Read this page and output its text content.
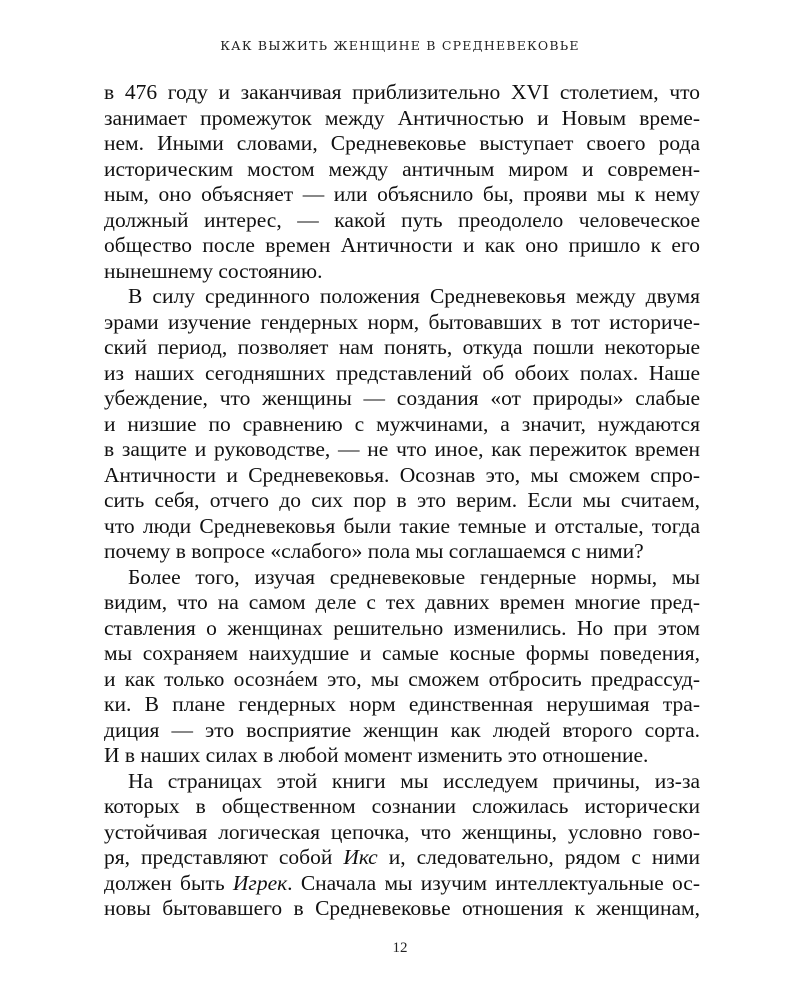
КАК ВЫЖИТЬ ЖЕНЩИНЕ В СРЕДНЕВЕКОВЬЕ
в 476 году и заканчивая приблизительно XVI столетием, что
занимает промежуток между Античностью и Новым време-
нем. Иными словами, Средневековье выступает своего рода
историческим мостом между античным миром и современ-
ным, оно объясняет — или объяснило бы, прояви мы к нему
должный интерес, — какой путь преодолело человеческое
общество после времен Античности и как оно пришло к его
нынешнему состоянию.
В силу срединного положения Средневековья между двумя
эрами изучение гендерных норм, бытовавших в тот историче-
ский период, позволяет нам понять, откуда пошли некоторые
из наших сегодняшних представлений об обоих полах. Наше
убеждение, что женщины — создания «от природы» слабые
и низшие по сравнению с мужчинами, а значит, нуждаются
в защите и руководстве, — не что иное, как пережиток времен
Античности и Средневековья. Осознав это, мы сможем спро-
сить себя, отчего до сих пор в это верим. Если мы считаем,
что люди Средневековья были такие темные и отсталые, тогда
почему в вопросе «слабого» пола мы соглашаемся с ними?
Более того, изучая средневековые гендерные нормы, мы
видим, что на самом деле с тех давних времен многие пред-
ставления о женщинах решительно изменились. Но при этом
мы сохраняем наихудшие и самые косные формы поведения,
и как только осознáем это, мы сможем отбросить предрассуд-
ки. В плане гендерных норм единственная нерушимая тра-
диция — это восприятие женщин как людей второго сорта.
И в наших силах в любой момент изменить это отношение.
На страницах этой книги мы исследуем причины, из-за
которых в общественном сознании сложилась исторически
устойчивая логическая цепочка, что женщины, условно гово-
ря, представляют собой Икс и, следовательно, рядом с ними
должен быть Игрек. Сначала мы изучим интеллектуальные ос-
новы бытовавшего в Средневековье отношения к женщинам,
12
